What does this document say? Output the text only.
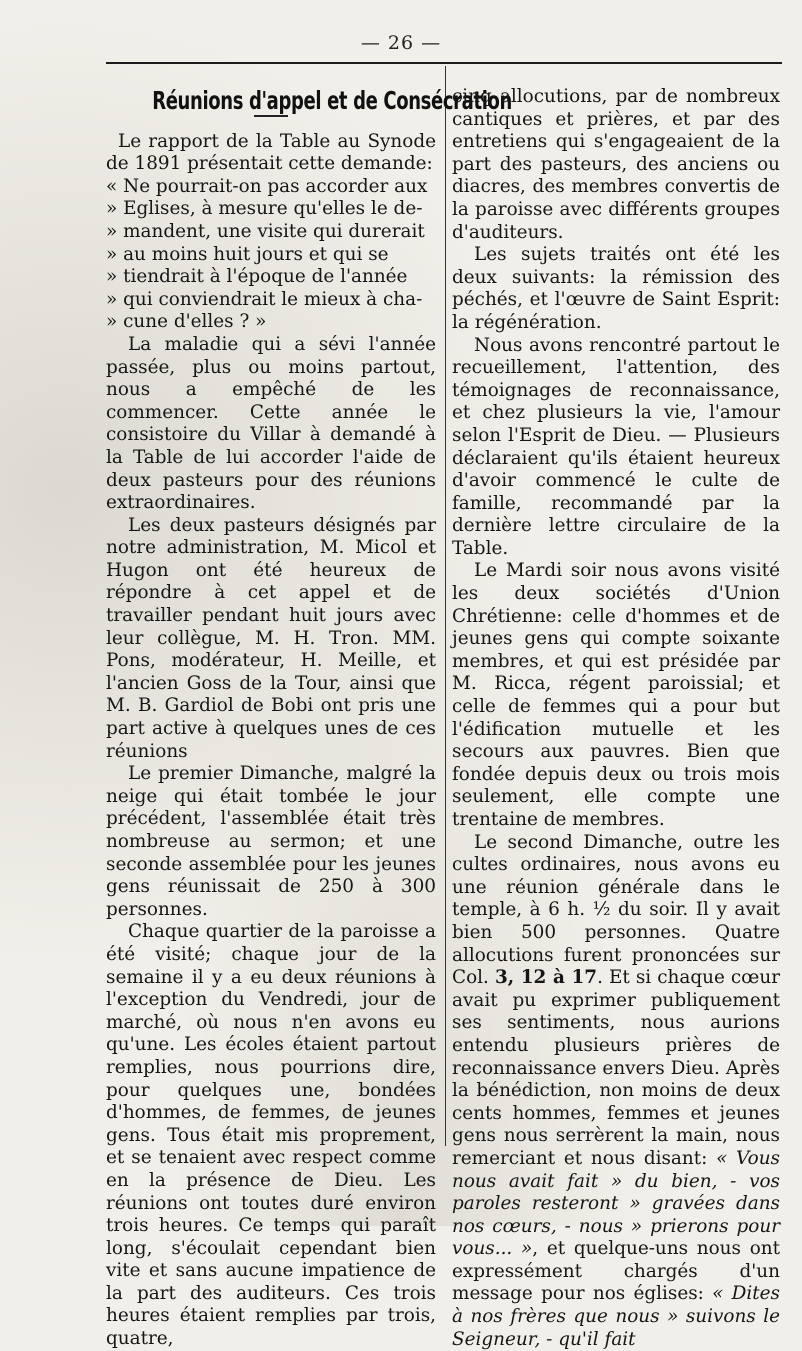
— 26 —
Réunions d'appel et de Consécration

Le rapport de la Table au Synode de 1891 présentait cette demande:

« Ne pourrait-on pas accorder aux
» Eglises, à mesure qu'elles le de-
» mandent, une visite qui durerait
» au moins huit jours et qui se
» tiendrait à l'époque de l'année
» qui conviendrait le mieux à cha-
» cune d'elles ? »

La maladie qui a sévi l'année passée, plus ou moins partout, nous a empêché de les commencer. Cette année le consistoire du Villar à demandé à la Table de lui accorder l'aide de deux pasteurs pour des réunions extraordinaires.

Les deux pasteurs désignés par notre administration, M. Micol et Hugon ont été heureux de répondre à cet appel et de travailler pendant huit jours avec leur collègue, M. H. Tron. MM. Pons, modérateur, H. Meille, et l'ancien Goss de la Tour, ainsi que M. B. Gardiol de Bobi ont pris une part active à quelques unes de ces réunions

Le premier Dimanche, malgré la neige qui était tombée le jour précédent, l'assemblée était très nombreuse au sermon; et une seconde assemblée pour les jeunes gens réunissait de 250 à 300 personnes.

Chaque quartier de la paroisse a été visité; chaque jour de la semaine il y a eu deux réunions à l'exception du Vendredi, jour de marché, où nous n'en avons eu qu'une. Les écoles étaient partout remplies, nous pourrions dire, pour quelques une, bondées d'hommes, de femmes, de jeunes gens. Tous était mis proprement, et se tenaient avec respect comme en la présence de Dieu. Les réunions ont toutes duré environ trois heures. Ce temps qui paraît long, s'écoulait cependant bien vite et sans aucune impatience de la part des auditeurs. Ces trois heures étaient remplies par trois, quatre,

cinq allocutions, par de nombreux cantiques et prières, et par des entretiens qui s'engageaient de la part des pasteurs, des anciens ou diacres, des membres convertis de la paroisse avec différents groupes d'auditeurs.

Les sujets traités ont été les deux suivants: la rémission des péchés, et l'œuvre de Saint Esprit: la régénération.

Nous avons rencontré partout le recueillement, l'attention, des témoignages de reconnaissance, et chez plusieurs la vie, l'amour selon l'Esprit de Dieu. — Plusieurs déclaraient qu'ils étaient heureux d'avoir commencé le culte de famille, recommandé par la dernière lettre circulaire de la Table.

Le Mardi soir nous avons visité les deux sociétés d'Union Chrétienne: celle d'hommes et de jeunes gens qui compte soixante membres, et qui est présidée par M. Ricca, régent paroissial; et celle de femmes qui a pour but l'édification mutuelle et les secours aux pauvres. Bien que fondée depuis deux ou trois mois seulement, elle compte une trentaine de membres.

Le second Dimanche, outre les cultes ordinaires, nous avons eu une réunion générale dans le temple, à 6 h. ½ du soir. Il y avait bien 500 personnes. Quatre allocutions furent prononcées sur Col. 3, 12 à 17. Et si chaque cœur avait pu exprimer publiquement ses sentiments, nous aurions entendu plusieurs prières de reconnaissance envers Dieu. Après la bénédiction, non moins de deux cents hommes, femmes et jeunes gens nous serrèrent la main, nous remerciant et nous disant: « Vous nous avait fait » du bien, - vos paroles resteront » gravées dans nos cœurs, - nous » prierons pour vous... », et quelque-uns nous ont expressément chargés d'un message pour nos églises: « Dites à nos frères que nous » suivons le Seigneur, - qu'il fait
